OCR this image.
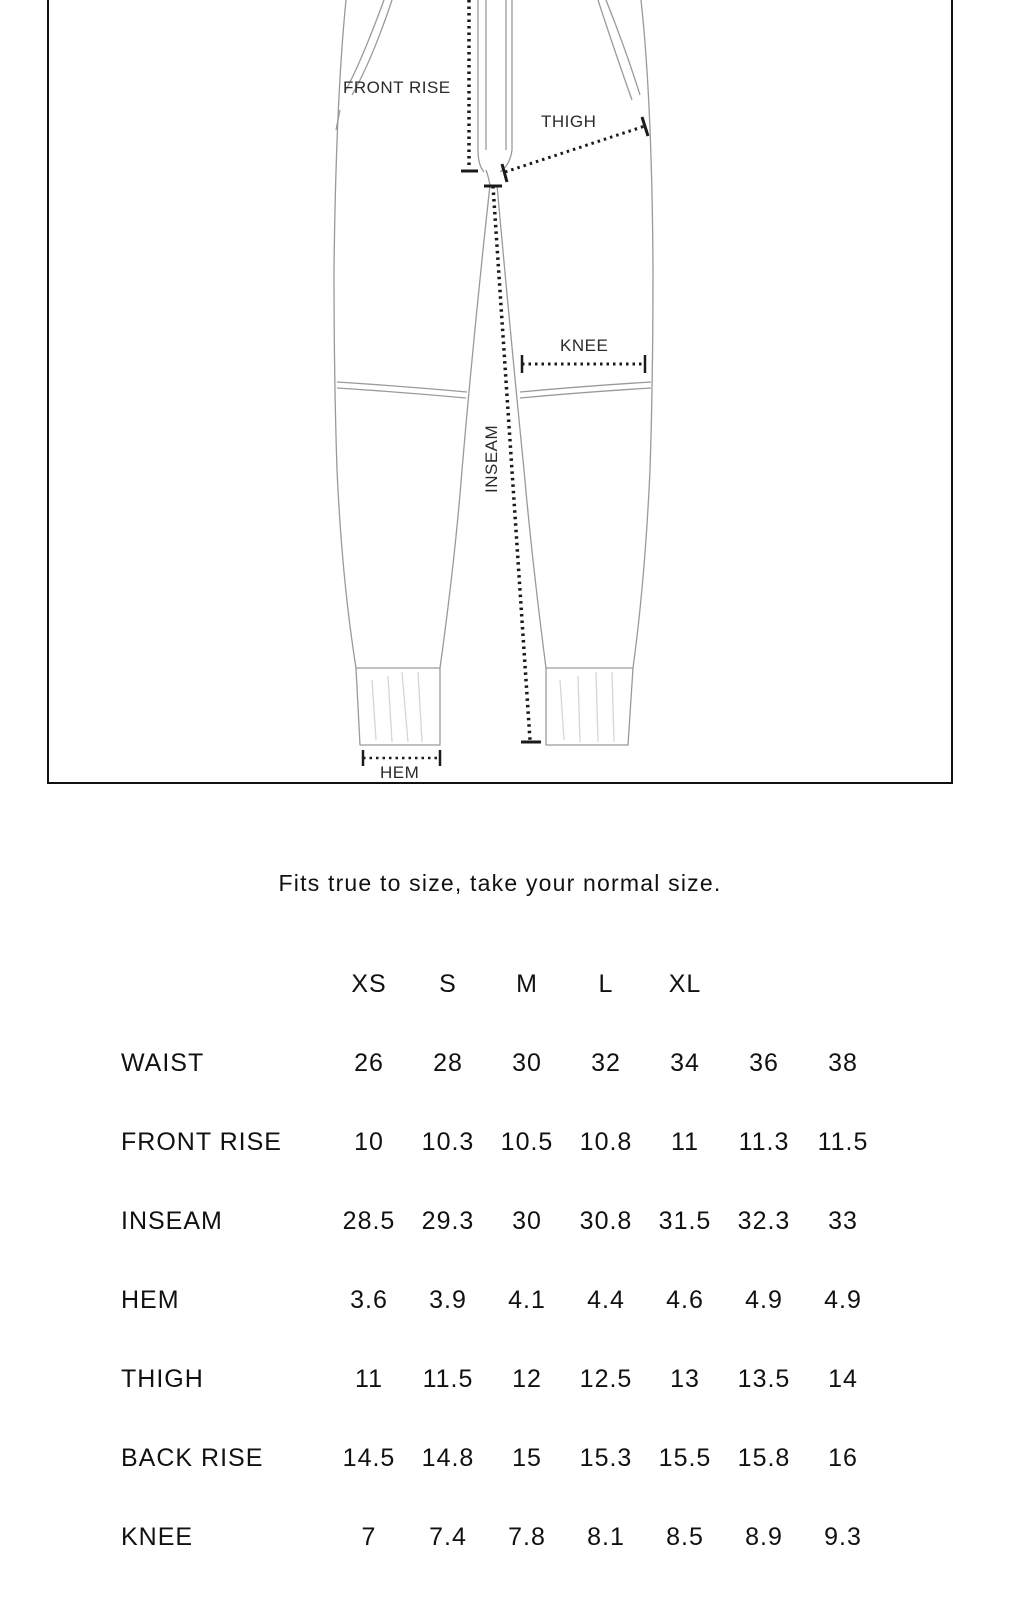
FRONT RISE
THIGH
KNEE
INSEAM
HEM
Fits true to size, take your normal size.
XS S M L XL
WAIST	26 28 30 32 34 36 38
FRONT RISE	10 10.3 10.5 10.8 11 11.3 11.5
INSEAM	28.5 29.3 30 30.8 31.5 32.3 33
HEM	3.6 3.9 4.1 4.4 4.6 4.9 4.9
THIGH	11 11.5 12 12.5 13 13.5 14
BACK RISE	14.5 14.8 15 15.3 15.5 15.8 16
KNEE	7 7.4 7.8 8.1 8.5 8.9 9.3
